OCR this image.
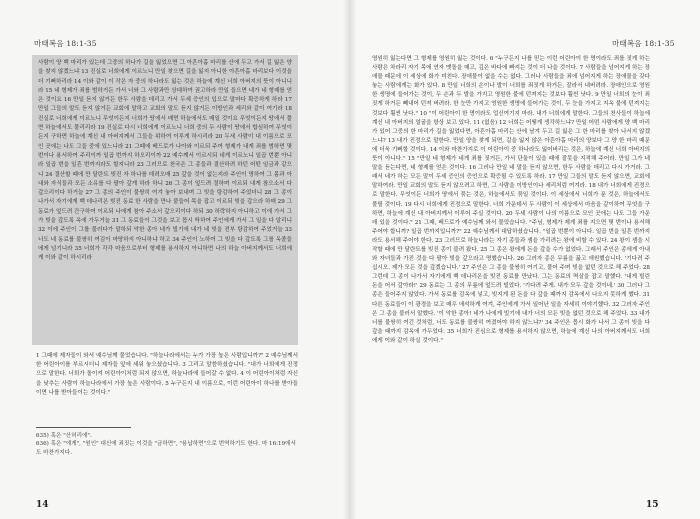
마태복음 18:1-35

사람이 양 백 마리가 있는데 그중의 하나가 길을 잃었으면 그 아흔아홉 마리를 산에 두고 가서 길 잃은 양을 찾지 않겠느냐 13 진실로 너희에게 이르노니 만일 찾으면 길을 잃지 아니한 아흔아홉 마리보다 이것을 더 기뻐하리라 14 이와 같이 이 작은 자 중의 하나라도 잃는 것은 하늘에 계신 너희 아버지의 뜻이 아니니라 15 네 형제가 죄를 범하거든 가서 너와 그 사람과만 상대하여 권고하라 만일 들으면 네가 네 형제를 얻은 것이요 16 만일 듣지 않거든 한두 사람을 데리고 가서 두세 증인의 입으로 말마다 확증하게 하라 17 만일 그들의 말도 듣지 않거든 교회에 말하고 교회의 말도 듣지 않거든 이방인과 세리와 같이 여기라 18 진실로 너희에게 이르노니 무엇이든지 너희가 땅에서 매면 하늘에서도 매일 것이요 무엇이든지 땅에서 풀면 하늘에서도 풀리리라 19 진실로 다시 너희에게 이르노니 너희 중의 두 사람이 땅에서 합심하여 무엇이든지 구하면 하늘에 계신 내 아버지께서 그들을 위하여 이루게 하시리라 20 두세 사람이 내 이름으로 모인 곳에는 나도 그들 중에 있느니라 21 그때에 베드로가 나아와 이르되 주여 형제가 내게 죄를 범하면 몇 번이나 용서하여 주리이까 일곱 번까지 하오리이까 22 예수께서 이르시되 네게 이르노니 일곱 번뿐 아니라 일곱 번을 일흔 번까지라도 할지니라 23 그러므로 천국은 그 종들과 결산하려 하던 어떤 임금과 같으니 24 결산할 때에 만 달란트 빚진 자 하나를 데려오매 25 갚을 것이 없는지라 주인이 명하여 그 몸과 아내와 자식들과 모든 소유를 다 팔아 갚게 하라 하니 26 그 종이 엎드려 절하며 이르되 내게 참으소서 다 갚으리이다 하거늘 27 그 종의 주인이 불쌍히 여겨 놓아 보내며 그 빚을 탕감하여 주었더니 28 그 종이 나가서 자기에게 백 데나리온 빚진 동료 한 사람을 만나 붙들어 목을 잡고 이르되 빚을 갚으라 하매 29 그 동료가 엎드려 간구하여 이르되 나에게 참아 주소서 갚으리이다 하되 30 허락하지 아니하고 이에 가서 그가 빚을 갚도록 옥에 가두거늘 31 그 동료들이 그것을 보고 몹시 딱하여 주인에게 가서 그 일을 다 알리니 32 이에 주인이 그를 불러다가 말하되 악한 종아 네가 빌기에 내가 네 빚을 전부 탕감하여 주었거늘 33 너도 네 동료를 불쌍히 여김이 마땅하지 아니하냐 하고 34 주인이 노하여 그 빚을 다 갚도록 그를 옥졸들에게 넘기니라 35 너희가 각각 마음으로부터 형제를 용서하지 아니하면 나의 하늘 아버지께서도 너희에게 이와 같이 하시리라

1 그때에 제자들이 와서 예수님께 물었습니다. "하늘나라에서는 누가 가장 높은 사람입니까?" 2 예수님께서 한 어린아이를 부르시더니 제자들 앞에 세워 놓으셨습니다. 3 그리고 말씀하셨습니다. "내가 너희에게 진정으로 말한다. 너희가 돌이켜 어린아이처럼 되지 않으면, 하늘나라에 들어갈 수 없다. 4 이 어린아이처럼 자신을 낮추는 사람이 하늘나라에서 가장 높은 사람이다. 5 누구든지 내 이름으로, 이런 어린아이 하나를 받아들이면 나를 받아들이는 것이다."

635) 혹은 "산허리에".
636) 혹은 "에게", "원인" 대신에 죄짓는 이것을 "금하면", "용납하면"으로 번역하기도 한다. 마 16:19에서도 마찬가지다.
14
마태복음 18:1-35

영원히 잃는다면 그 형제를 영원히 잃는 것이다. 6 "누구든지 나를 믿는 이런 어린아이 한 명이라도 죄를 짓게 하는 사람은 차라리 자기 목에 연자 맷돌을 매고, 깊은 바다에 빠지는 것이 더 나을 것이다. 7 사람들을 넘어지게 하는 장애물 때문에 이 세상에 화가 미친다. 장애물이 없을 수는 없다. 그러나 사람들을 죄에 넘어지게 하는 장애물을 갖다 놓는 사람에게는 화가 있다. 8 만일 너희의 손이나 발이 너희를 죄짓게 하거든, 잘라서 내버려라. 장애인으로 영원한 생명에 들어가는 것이, 두 손과 두 발을 가지고 영원한 불에 던져지는 것보다 훨씬 낫다. 9 만일 너희의 눈이 죄짓게 하거든 빼내어 던져 버려라. 한 눈만 가지고 영원한 생명에 들어가는 것이, 두 눈을 가지고 지옥 불에 던져지는 것보다 훨씬 낫다." 10 "이 어린아이 한 명이라도 업신여기지 마라. 내가 너희에게 말한다. 그들의 천사들이 하늘에 계신 내 아버지의 얼굴을 항상 보고 있다. 11 (없음) 12 너희는 어떻게 생각하느냐? 만일 어떤 사람에게 양 백 마리가 있어 그중의 한 마리가 길을 잃었다면, 아흔아홉 마리는 산에 남겨 두고 길 잃은 그 한 마리를 찾아 나서지 않겠느냐? 13 내가 진정으로 말한다. 만일 양을 찾게 되면, 길을 잃지 않은 아흔아홉 마리의 양보다 그 양 한 마리 때문에 더욱 기뻐할 것이다. 14 이와 마찬가지로 이 어린아이 중 하나라도 잃어버리는 것은, 하늘에 계신 너희 아버지의 뜻이 아니다." 15 "만일 네 형제가 네게 죄를 짓거든, 가서 단둘이 있을 때에 잘못을 지적해 주어라. 만일 그가 네 말을 듣는다면, 네 형제를 얻은 것이다. 16 그러나 만일 네 말을 듣지 않으면, 한두 사람을 데리고 다시 가거라. 그래서 네가 하는 모든 말이 두세 증인의 증언으로 확증될 수 있도록 하라. 17 만일 그들의 말도 듣지 않으면, 교회에 말하여라. 만일 교회의 말도 듣지 않으려고 하면, 그 사람을 이방인이나 세리처럼 여겨라. 18 내가 너희에게 진정으로 말한다. 무엇이든 너희가 땅에서 묶는 것은, 하늘에서도 묶일 것이다. 이 세상에서 너희가 푼 것은, 하늘에서도 풀릴 것이다. 19 다시 너희에게 진정으로 말한다. 너희 가운데서 두 사람이 이 세상에서 마음을 같이하여 무엇을 구하면, 하늘에 계신 내 아버지께서 이루어 주실 것이다. 20 두세 사람이 나의 이름으로 모인 곳에는 나도 그들 가운데 있을 것이다." 21 그때, 베드로가 예수님께 와서 물었습니다. "주님, 형제가 제게 죄를 지으면 몇 번이나 용서해 주어야 합니까? 일곱 번까지입니까?" 22 예수님께서 대답하셨습니다. "일곱 번뿐이 아니다. 일곱 번을 일흔 번까지라도 용서해 주어야 한다. 23 그러므로 하늘나라는 자기 종들과 셈을 가리려는 왕에 비할 수 있다. 24 왕이 셈을 시작할 때에 만 달란트를 빚진 종이 불려 왔다. 25 그 종은 왕에게 돈을 갚을 수가 없었다. 그래서 주인은 종에게 아내와 자녀들과 가진 것을 다 팔아 빚을 갚으라고 명했습니다. 26 그러자 종은 무릎을 꿇고 애원했습니다. '기다려 주십시오. 제가 모든 것을 갚겠습니다.' 27 주인은 그 종을 불쌍히 여기고, 풀어 주며 빚을 없던 것으로 해 주었다. 28 그런데 그 종이 나가서 자기에게 백 데나리온을 빚진 동료를 만났다. 그는 동료의 멱살을 잡고 말했다. '내게 빌린 돈을 어서 갚아라!' 29 동료는 그 종의 무릎에 엎드려 빌었다. '기다려 주게. 내가 모두 갚을 것이네.' 30 그러나 그 종은 들어주지 않았다. 가서 동료를 감옥에 넣고, 빚지게 된 돈을 다 갚을 때까지 감옥에서 나오지 못하게 했다. 31 다른 동료들이 이 광경을 보고 매우 애석하게 여겨, 주인에게 가서 일어난 일을 자세히 이야기했다. 32 그러자 주인은 그 종을 불러서 말했다. '이 악한 종아! 네가 나에게 빌기에 내가 너의 모든 빚을 없던 것으로 해 주었다. 33 내가 너를 불쌍히 여긴 것처럼, 너도 동료를 불쌍히 여겼어야 하지 않느냐?' 34 주인은 몹시 화가 나서 그 종이 빚을 다 갚을 때까지 감옥에 가두었다. 35 너희가 진심으로 형제를 용서하지 않으면, 하늘에 계신 나의 아버지께서도 너희에게 이와 같이 하실 것이다."

15
